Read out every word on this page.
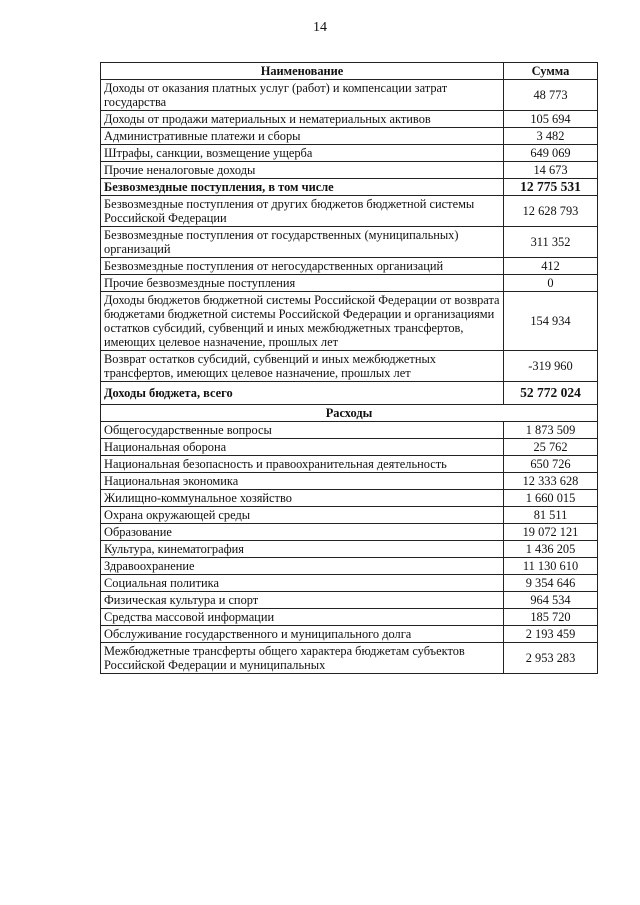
14
Наименование	Сумма
Доходы от оказания платных услуг (работ) и компенсации затрат государства	48 773
Доходы от продажи материальных и нематериальных активов	105 694
Административные платежи и сборы	3 482
Штрафы, санкции, возмещение ущерба	649 069
Прочие неналоговые доходы	14 673
Безвозмездные поступления, в том числе	12 775 531
Безвозмездные поступления от других бюджетов бюджетной системы Российской Федерации	12 628 793
Безвозмездные поступления от государственных (муниципальных) организаций	311 352
Безвозмездные поступления от негосударственных организаций	412
Прочие безвозмездные поступления	0
Доходы бюджетов бюджетной системы Российской Федерации от возврата бюджетами бюджетной системы Российской Федерации и организациями остатков субсидий, субвенций и иных межбюджетных трансфертов, имеющих целевое назначение, прошлых лет	154 934
Возврат остатков субсидий, субвенций и иных межбюджетных трансфертов, имеющих целевое назначение, прошлых лет	-319 960
Доходы бюджета, всего	52 772 024
Расходы	
Общегосударственные вопросы	1 873 509
Национальная оборона	25 762
Национальная безопасность и правоохранительная деятельность	650 726
Национальная экономика	12 333 628
Жилищно-коммунальное хозяйство	1 660 015
Охрана окружающей среды	81 511
Образование	19 072 121
Культура, кинематография	1 436 205
Здравоохранение	11 130 610
Социальная политика	9 354 646
Физическая культура и спорт	964 534
Средства массовой информации	185 720
Обслуживание государственного и муниципального долга	2 193 459
Межбюджетные трансферты общего характера бюджетам субъектов Российской Федерации и муниципальных	2 953 283
